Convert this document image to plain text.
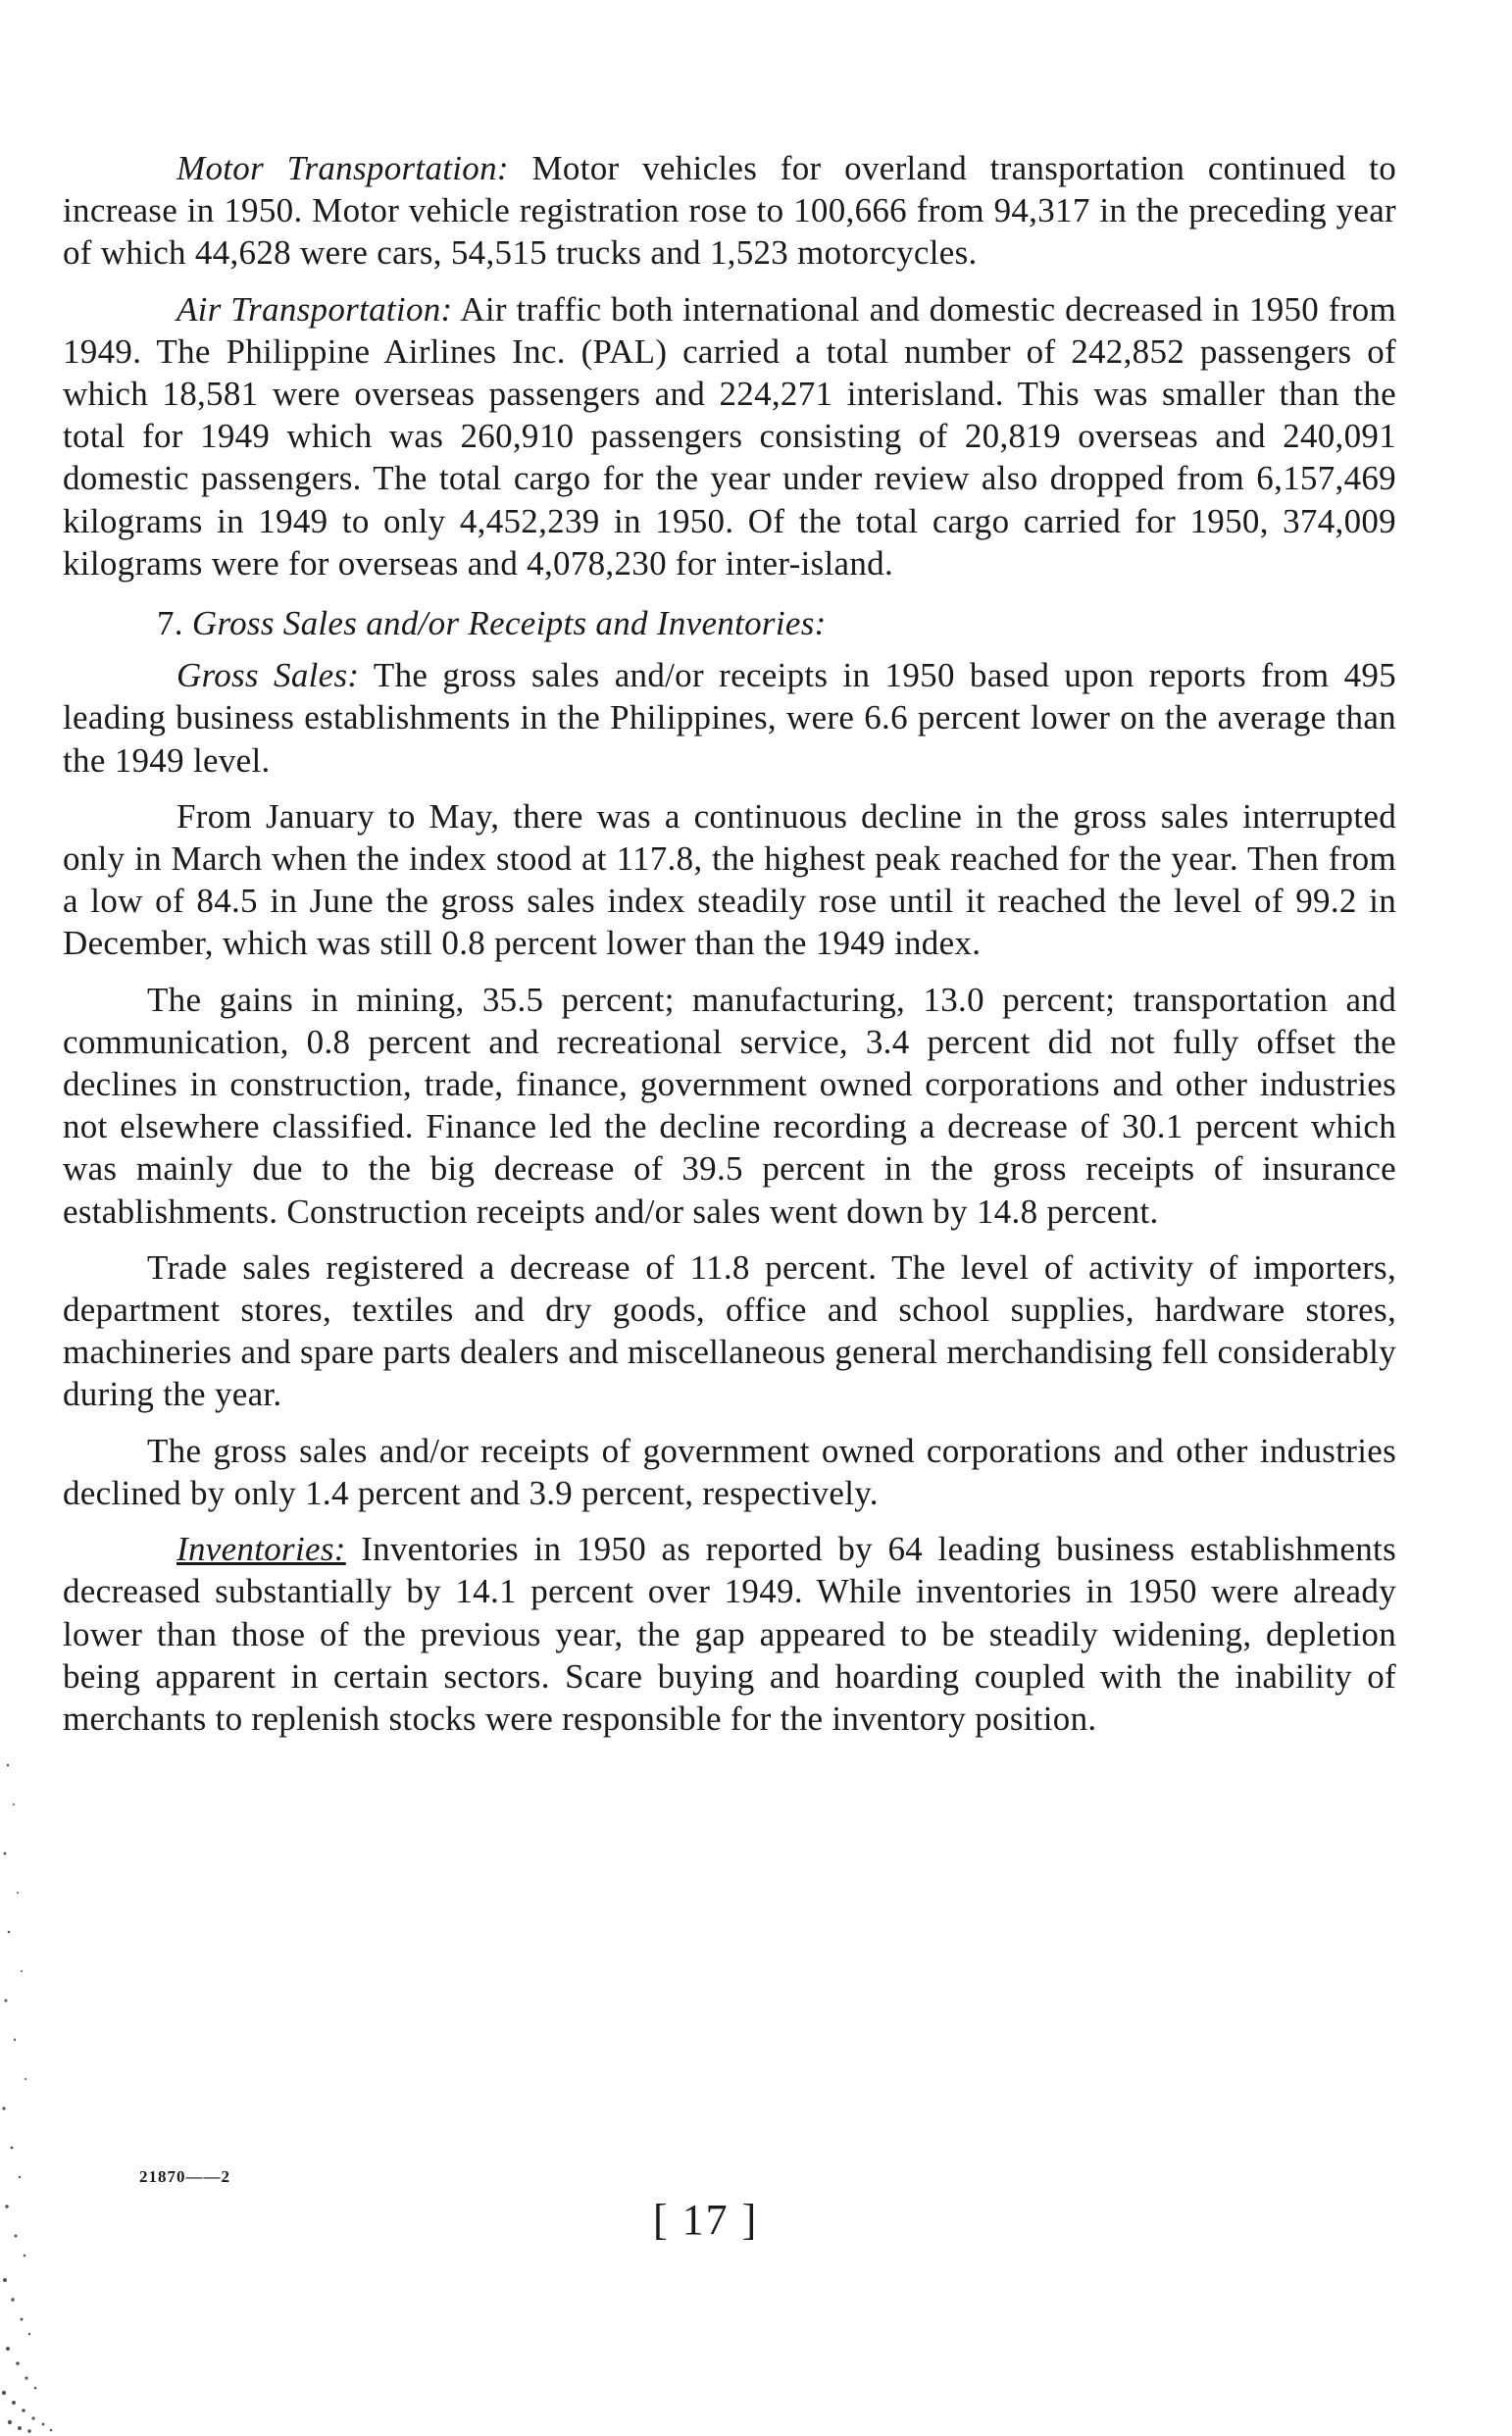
Motor Transportation: Motor vehicles for overland transportation continued to increase in 1950. Motor vehicle registration rose to 100,666 from 94,317 in the preceding year of which 44,628 were cars, 54,515 trucks and 1,523 motorcycles.

Air Transportation: Air traffic both international and domestic decreased in 1950 from 1949. The Philippine Airlines Inc. (PAL) carried a total number of 242,852 passengers of which 18,581 were overseas passengers and 224,271 interisland. This was smaller than the total for 1949 which was 260,910 passengers consisting of 20,819 overseas and 240,091 domestic passengers. The total cargo for the year under review also dropped from 6,157,469 kilograms in 1949 to only 4,452,239 in 1950. Of the total cargo carried for 1950, 374,009 kilograms were for overseas and 4,078,230 for inter-island.

7. Gross Sales and/or Receipts and Inventories:

Gross Sales: The gross sales and/or receipts in 1950 based upon reports from 495 leading business establishments in the Philippines, were 6.6 percent lower on the average than the 1949 level.

From January to May, there was a continuous decline in the gross sales interrupted only in March when the index stood at 117.8, the highest peak reached for the year. Then from a low of 84.5 in June the gross sales index steadily rose until it reached the level of 99.2 in December, which was still 0.8 percent lower than the 1949 index.

The gains in mining, 35.5 percent; manufacturing, 13.0 percent; transportation and communication, 0.8 percent and recreational service, 3.4 percent did not fully offset the declines in construction, trade, finance, government owned corporations and other industries not elsewhere classified. Finance led the decline recording a decrease of 30.1 percent which was mainly due to the big decrease of 39.5 percent in the gross receipts of insurance establishments. Construction receipts and/or sales went down by 14.8 percent.

Trade sales registered a decrease of 11.8 percent. The level of activity of importers, department stores, textiles and dry goods, office and school supplies, hardware stores, machineries and spare parts dealers and miscellaneous general merchandising fell considerably during the year.

The gross sales and/or receipts of government owned corporations and other industries declined by only 1.4 percent and 3.9 percent, respectively.

Inventories: Inventories in 1950 as reported by 64 leading business establishments decreased substantially by 14.1 percent over 1949. While inventories in 1950 were already lower than those of the previous year, the gap appeared to be steadily widening, depletion being apparent in certain sectors. Scare buying and hoarding coupled with the inability of merchants to replenish stocks were responsible for the inventory position.

21870——2
[ 17 ]
